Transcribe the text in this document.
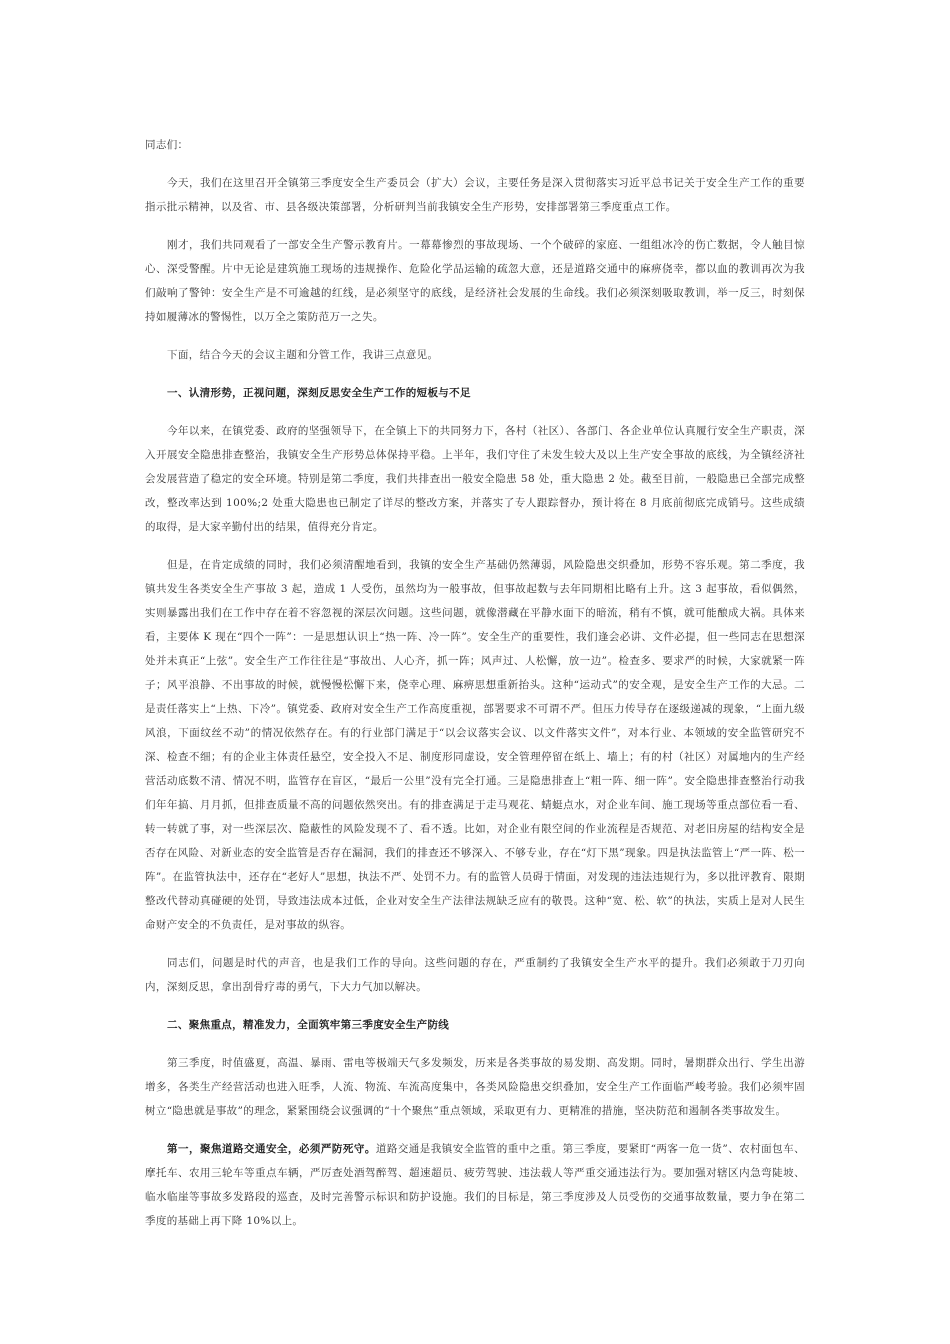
同志们：

今天，我们在这里召开全镇第三季度安全生产委员会（扩大）会议，主要任务是深入贯彻落实习近平总书记关于安全生产工作的重要指示批示精神，以及省、市、县各级决策部署，分析研判当前我镇安全生产形势，安排部署第三季度重点工作。

刚才，我们共同观看了一部安全生产警示教育片。一幕幕惨烈的事故现场、一个个破碎的家庭、一组组冰冷的伤亡数据，令人触目惊心、深受警醒。片中无论是建筑施工现场的违规操作、危险化学品运输的疏忽大意，还是道路交通中的麻痹侥幸，都以血的教训再次为我们敲响了警钟：安全生产是不可逾越的红线，是必须坚守的底线，是经济社会发展的生命线。我们必须深刻吸取教训，举一反三，时刻保持如履薄冰的警惕性，以万全之策防范万一之失。

下面，结合今天的会议主题和分管工作，我讲三点意见。

一、认清形势，正视问题，深刻反思安全生产工作的短板与不足

今年以来，在镇党委、政府的坚强领导下，在全镇上下的共同努力下，各村（社区）、各部门、各企业单位认真履行安全生产职责，深入开展安全隐患排查整治，我镇安全生产形势总体保持平稳。上半年，我们守住了未发生较大及以上生产安全事故的底线，为全镇经济社会发展营造了稳定的安全环境。特别是第二季度，我们共排查出一般安全隐患 58 处，重大隐患 2 处。截至目前，一般隐患已全部完成整改，整改率达到 100%;2 处重大隐患也已制定了详尽的整改方案，并落实了专人跟踪督办，预计将在 8 月底前彻底完成销号。这些成绩的取得，是大家辛勤付出的结果，值得充分肯定。

但是，在肯定成绩的同时，我们必须清醒地看到，我镇的安全生产基础仍然薄弱，风险隐患交织叠加，形势不容乐观。第二季度，我镇共发生各类安全生产事故 3 起，造成 1 人受伤，虽然均为一般事故，但事故起数与去年同期相比略有上升。这 3 起事故，看似偶然，实则暴露出我们在工作中存在着不容忽视的深层次问题。这些问题，就像潜藏在平静水面下的暗流，稍有不慎，就可能酿成大祸。具体来看，主要体 K 现在“四个一阵”：一是思想认识上“热一阵、冷一阵”。安全生产的重要性，我们逢会必讲、文件必提，但一些同志在思想深处并未真正“上弦”。安全生产工作往往是“事故出、人心齐，抓一阵；风声过、人松懈，放一边”。检查多、要求严的时候，大家就紧一阵子；风平浪静、不出事故的时候，就慢慢松懈下来，侥幸心理、麻痹思想重新抬头。这种“运动式”的安全观，是安全生产工作的大忌。二是责任落实上“上热、下冷”。镇党委、政府对安全生产工作高度重视，部署要求不可谓不严。但压力传导存在逐级递减的现象，“上面九级风浪，下面纹丝不动”的情况依然存在。有的行业部门满足于“以会议落实会议、以文件落实文件”，对本行业、本领域的安全监管研究不深、检查不细；有的企业主体责任悬空，安全投入不足、制度形同虚设，安全管理停留在纸上、墙上；有的村（社区）对属地内的生产经营活动底数不清、情况不明，监管存在盲区，“最后一公里”没有完全打通。三是隐患排查上“粗一阵、细一阵”。安全隐患排查整治行动我们年年搞、月月抓，但排查质量不高的问题依然突出。有的排查满足于走马观花、蜻蜓点水，对企业车间、施工现场等重点部位看一看、转一转就了事，对一些深层次、隐蔽性的风险发现不了、看不透。比如，对企业有限空间的作业流程是否规范、对老旧房屋的结构安全是否存在风险、对新业态的安全监管是否存在漏洞，我们的排查还不够深入、不够专业，存在“灯下黑”现象。四是执法监管上“严一阵、松一阵”。在监管执法中，还存在“老好人”思想，执法不严、处罚不力。有的监管人员碍于情面，对发现的违法违规行为，多以批评教育、限期整改代替动真碰硬的处罚，导致违法成本过低，企业对安全生产法律法规缺乏应有的敬畏。这种“宽、松、软”的执法，实质上是对人民生命财产安全的不负责任，是对事故的纵容。

同志们，问题是时代的声音，也是我们工作的导向。这些问题的存在，严重制约了我镇安全生产水平的提升。我们必须敢于刀刃向内，深刻反思，拿出刮骨疗毒的勇气，下大力气加以解决。

二、聚焦重点，精准发力，全面筑牢第三季度安全生产防线

第三季度，时值盛夏，高温、暴雨、雷电等极端天气多发频发，历来是各类事故的易发期、高发期。同时，暑期群众出行、学生出游增多，各类生产经营活动也进入旺季，人流、物流、车流高度集中，各类风险隐患交织叠加，安全生产工作面临严峻考验。我们必须牢固树立“隐患就是事故”的理念，紧紧围绕会议强调的“十个聚焦”重点领域，采取更有力、更精准的措施，坚决防范和遏制各类事故发生。

第一，聚焦道路交通安全，必须严防死守。道路交通是我镇安全监管的重中之重。第三季度，要紧盯“两客一危一货”、农村面包车、摩托车、农用三轮车等重点车辆，严厉查处酒驾醉驾、超速超员、疲劳驾驶、违法载人等严重交通违法行为。要加强对辖区内急弯陡坡、临水临崖等事故多发路段的巡查，及时完善警示标识和防护设施。我们的目标是，第三季度涉及人员受伤的交通事故数量，要力争在第二季度的基础上再下降 10%以上。
